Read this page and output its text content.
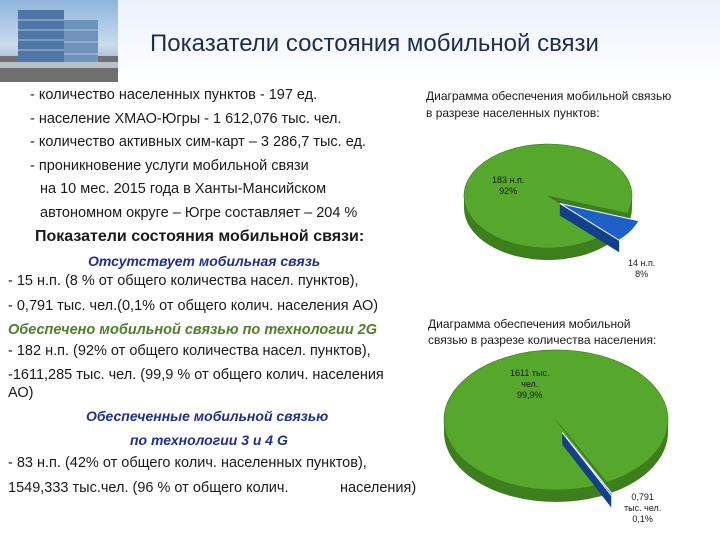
Показатели состояния мобильной связи
- количество населенных пунктов - 197 ед.
- население ХМАО-Югры - 1 612,076 тыс. чел.
- количество активных сим-карт – 3 286,7 тыс. ед.
- проникновение услуги мобильной связи
на 10 мес. 2015 года в Ханты-Мансийском
автономном округе – Югре составляет – 204 %
Показатели состояния мобильной связи:
Отсутствует мобильная связь
- 15 н.п. (8 % от общего количества насел. пунктов),
- 0,791 тыс. чел.(0,1% от общего колич. населения АО)
Обеспечено мобильной связью по технологии 2G
- 182 н.п. (92% от общего количества насел. пунктов),
-1611,285 тыс. чел. (99,9 % от общего колич. населения
АО)
Обеспеченные мобильной связью
по технологии 3 и 4 G
- 83 н.п. (42% от общего колич. населенных пунктов),
1549,333 тыс.чел. (96 % от общего колич.	населения)
Диаграмма обеспечения мобильной связью
в разрезе населенных пунктов:
183 н.п.
92%
14 н.п.
8%
Диаграмма обеспечения мобильной
связью в разрезе количества населения:
1611 тыс.
чел.
99,9%
0,791
тыс. чел.
0,1%
